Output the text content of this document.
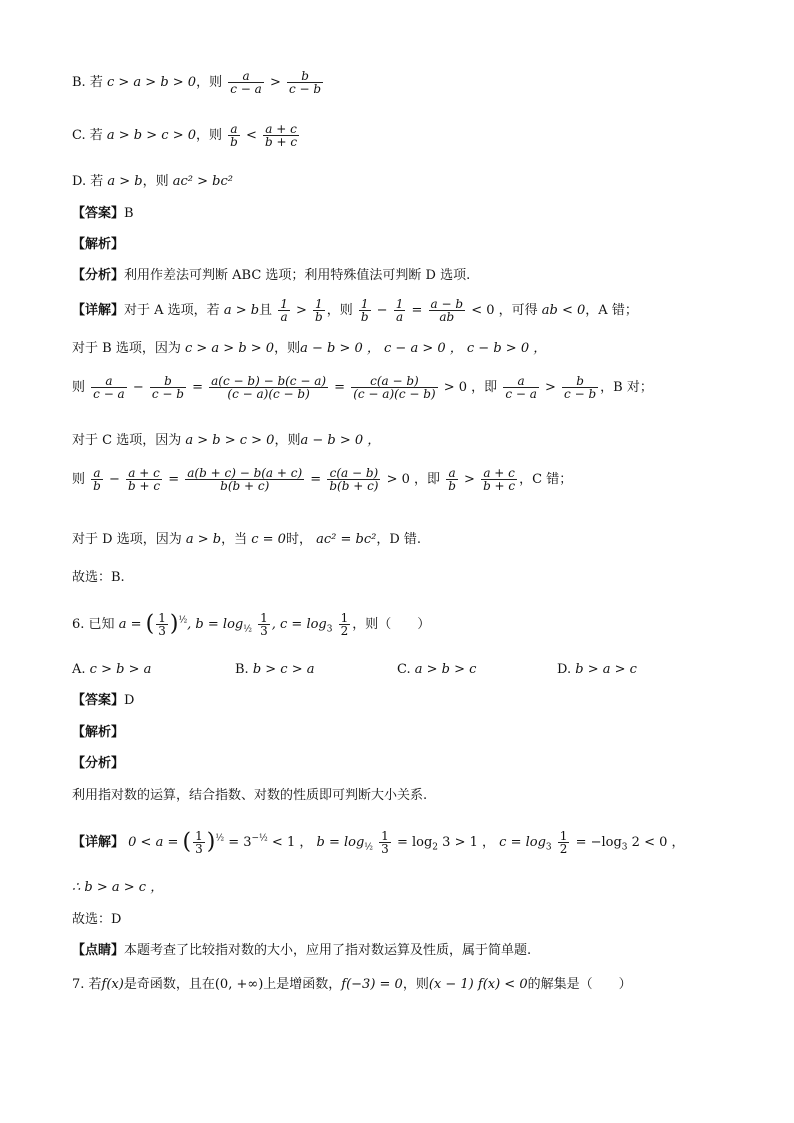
B. 若 c > a > b > 0，则 $\frac{a}{c - a} > \frac{b}{c - b}$
C. 若 a > b > c > 0，则 $\frac{a}{b} < \frac{a + c}{b + c}$
D. 若 a > b，则 ac² > bc²
【答案】B
【解析】
【分析】利用作差法可判断 ABC 选项；利用特殊值法可判断 D 选项.
【详解】对于 A 选项，若 a > b且 $\frac{1}{a} > \frac{1}{b}$ ，则 $\frac{1}{b} - \frac{1}{a} = \frac{a - b}{ab} < 0$ ，可得 ab < 0，A 错；
对于 B 选项，因为 c > a > b > 0，则a − b > 0 ， c − a > 0 ， c − b > 0 ，
则 $\frac{a}{c - a} - \frac{b}{c - b} = \frac{a(c - b) - b(c - a)}{(c - a)(c - b)} = \frac{c(a - b)}{(c - a)(c - b)} > 0$ ，即 $\frac{a}{c - a} > \frac{b}{c - b}$ ，B 对；
对于 C 选项，因为 a > b > c > 0，则a − b > 0 ，
则 $\frac{a}{b} - \frac{a + c}{b + c} = \frac{a(b + c) - b(a + c)}{b(b + c)} = \frac{c(a - b)}{b(b + c)} > 0$ ，即 $\frac{a}{b} > \frac{a + c}{b + c}$ ，C 错；
对于 D 选项，因为 a > b，当 c = 0时， ac² = bc²，D 错.
故选：B.
6. 已知 a = ( $\frac{1}{3} )^{\frac{1}{2}}$, $b = \log_{\frac{1}{2}} \frac{1}{3}$ , $c = \log_3 \frac{1}{2}$ ，则（　　）
A. c > b > a	B. b > c > a	C. a > b > c	D. b > a > c
【答案】D
【解析】
【分析】
利用指对数的运算，结合指数、对数的性质即可判断大小关系.
【详解】 0 < a = ( $\frac{1}{3} )^{\frac{1}{2}} = 3^{-\frac{1}{2}} < 1$ ， $b = \log_{\frac{1}{2}} \frac{1}{3} = \log_2 3 > 1$ ， $c = \log_3 \frac{1}{2} = -\log_3$ 2 < 0 ，
∴ b > a > c ，
故选：D
【点睛】本题考查了比较指对数的大小，应用了指对数运算及性质，属于简单题.
7. 若f(x)是奇函数，且在(0, +∞)上是增函数，f(−3) = 0，则(x − 1) f(x) < 0的解集是（　　）
